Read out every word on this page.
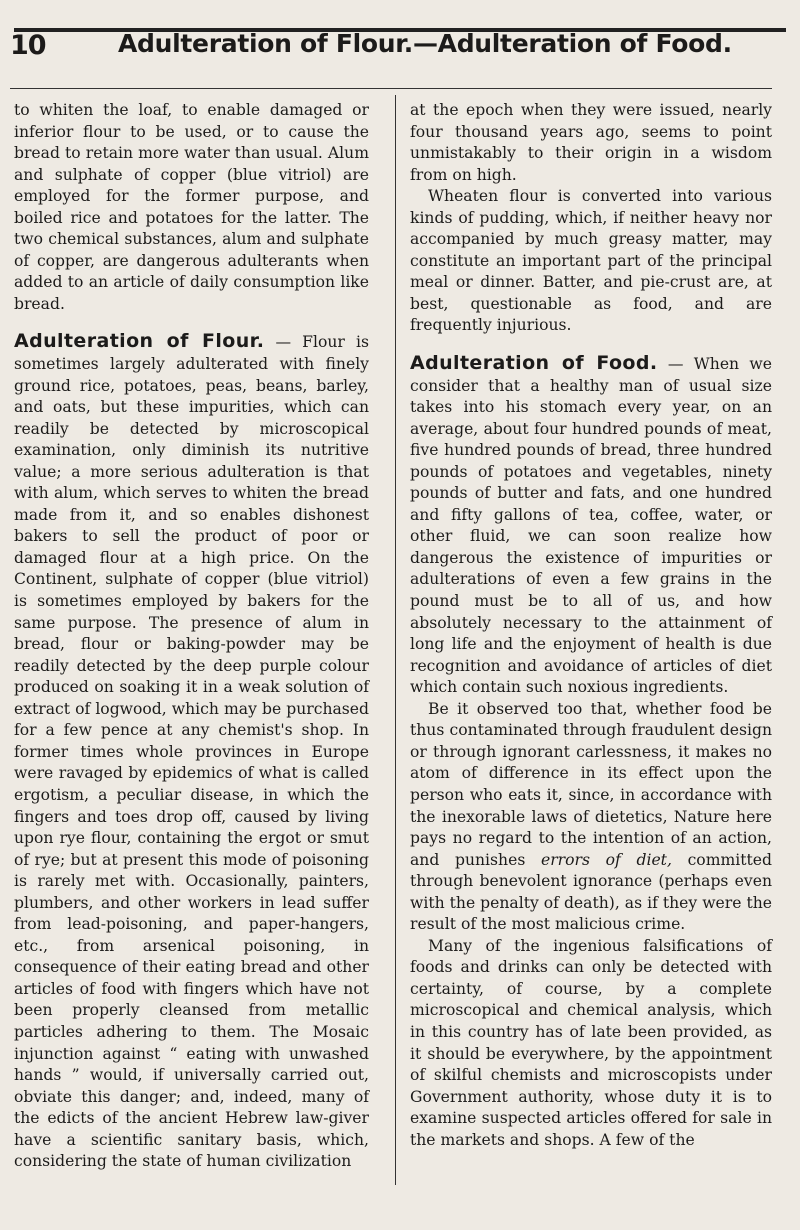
10	Adulteration of Flour.—Adulteration of Food.

to whiten the loaf, to enable damaged or inferior flour to be used, or to cause the bread to retain more water than usual. Alum and sulphate of copper (blue vitriol) are employed for the former purpose, and boiled rice and potatoes for the latter. The two chemical substances, alum and sulphate of copper, are dangerous adulterants when added to an article of daily consumption like bread.

Adulteration of Flour. — Flour is sometimes largely adulterated with finely ground rice, potatoes, peas, beans, barley, and oats, but these impurities, which can readily be detected by microscopical examination, only diminish its nutritive value; a more serious adulteration is that with alum, which serves to whiten the bread made from it, and so enables dishonest bakers to sell the product of poor or damaged flour at a high price. On the Continent, sulphate of copper (blue vitriol) is sometimes employed by bakers for the same purpose. The presence of alum in bread, flour or baking-powder may be readily detected by the deep purple colour produced on soaking it in a weak solution of extract of logwood, which may be purchased for a few pence at any chemist's shop. In former times whole provinces in Europe were ravaged by epidemics of what is called ergotism, a peculiar disease, in which the fingers and toes drop off, caused by living upon rye flour, containing the ergot or smut of rye; but at present this mode of poisoning is rarely met with. Occasionally, painters, plumbers, and other workers in lead suffer from lead-poisoning, and paper-hangers, etc., from arsenical poisoning, in consequence of their eating bread and other articles of food with fingers which have not been properly cleansed from metallic particles adhering to them. The Mosaic injunction against “ eating with unwashed hands ” would, if universally carried out, obviate this danger; and, indeed, many of the edicts of the ancient Hebrew law-giver have a scientific sanitary basis, which, considering the state of human civilization

at the epoch when they were issued, nearly four thousand years ago, seems to point unmistakably to their origin in a wisdom from on high.

Wheaten flour is converted into various kinds of pudding, which, if neither heavy nor accompanied by much greasy matter, may constitute an important part of the principal meal or dinner. Batter, and pie-crust are, at best, questionable as food, and are frequently injurious.

Adulteration of Food. — When we consider that a healthy man of usual size takes into his stomach every year, on an average, about four hundred pounds of meat, five hundred pounds of bread, three hundred pounds of potatoes and vegetables, ninety pounds of butter and fats, and one hundred and fifty gallons of tea, coffee, water, or other fluid, we can soon realize how dangerous the existence of impurities or adulterations of even a few grains in the pound must be to all of us, and how absolutely necessary to the attainment of long life and the enjoyment of health is due recognition and avoidance of articles of diet which contain such noxious ingredients.

Be it observed too that, whether food be thus contaminated through fraudulent design or through ignorant carlessness, it makes no atom of difference in its effect upon the person who eats it, since, in accordance with the inexorable laws of dietetics, Nature here pays no regard to the intention of an action, and punishes errors of diet, committed through benevolent ignorance (perhaps even with the penalty of death), as if they were the result of the most malicious crime.

Many of the ingenious falsifications of foods and drinks can only be detected with certainty, of course, by a complete microscopical and chemical analysis, which in this country has of late been provided, as it should be everywhere, by the appointment of skilful chemists and microscopists under Government authority, whose duty it is to examine suspected articles offered for sale in the markets and shops. A few of the
